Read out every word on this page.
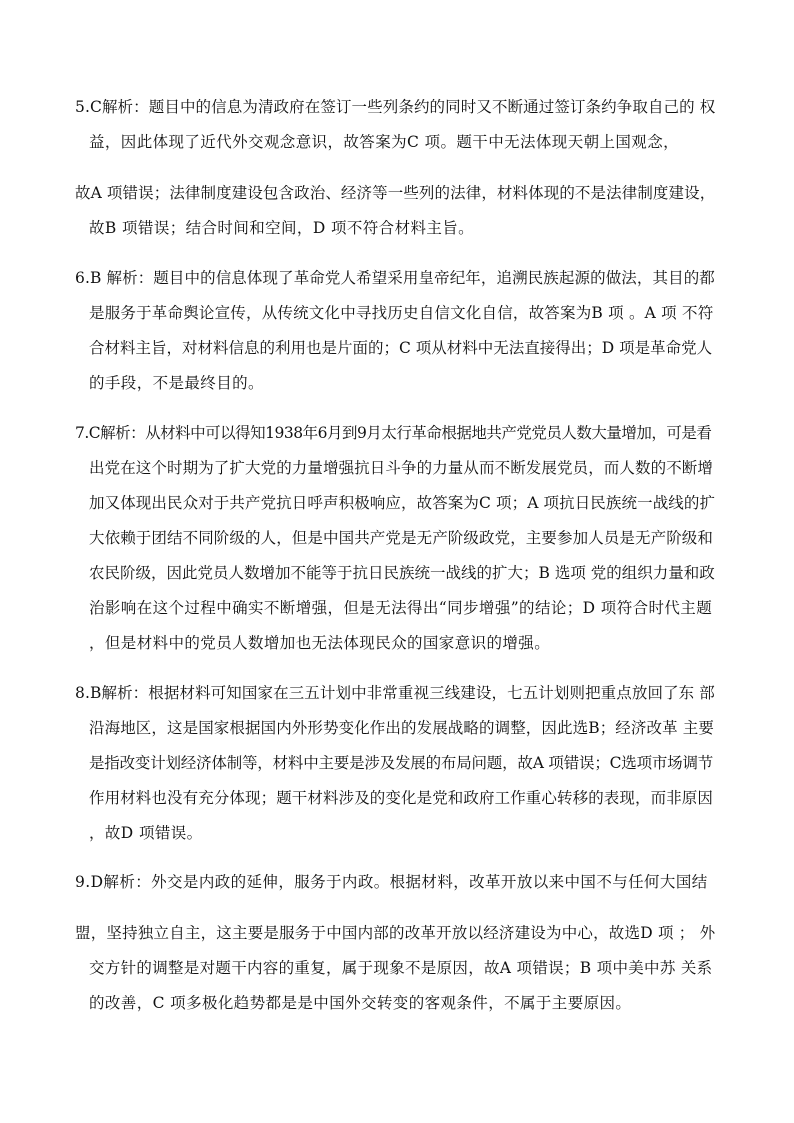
5.C解析：题目中的信息为清政府在签订一些列条约的同时又不断通过签订条约争取自己的 权
益，因此体现了近代外交观念意识，故答案为C 项。题干中无法体现天朝上国观念，
故A 项错误；法律制度建设包含政治、经济等一些列的法律，材料体现的不是法律制度建设，
故B 项错误；结合时间和空间，D 项不符合材料主旨。
6.B 解析：题目中的信息体现了革命党人希望采用皇帝纪年，追溯民族起源的做法，其目的都
是服务于革命舆论宣传，从传统文化中寻找历史自信文化自信，故答案为B 项 。A 项 不符
合材料主旨，对材料信息的利用也是片面的；C 项从材料中无法直接得出；D 项是革命党人
的手段，不是最终目的。
7.C解析：从材料中可以得知1938年6月到9月太行革命根据地共产党党员人数大量增加，可是看
出党在这个时期为了扩大党的力量增强抗日斗争的力量从而不断发展党员，而人数的不断增
加又体现出民众对于共产党抗日呼声积极响应，故答案为C 项；A 项抗日民族统一战线的扩
大依赖于团结不同阶级的人，但是中国共产党是无产阶级政党，主要参加人员是无产阶级和
农民阶级，因此党员人数增加不能等于抗日民族统一战线的扩大；B 选项 党的组织力量和政
治影响在这个过程中确实不断增强，但是无法得出“同步增强”的结论；D 项符合时代主题
，但是材料中的党员人数增加也无法体现民众的国家意识的增强。
8.B解析：根据材料可知国家在三五计划中非常重视三线建设，七五计划则把重点放回了东 部
沿海地区，这是国家根据国内外形势变化作出的发展战略的调整，因此选B；经济改革 主要
是指改变计划经济体制等，材料中主要是涉及发展的布局问题，故A 项错误；C选项市场调节
作用材料也没有充分体现；题干材料涉及的变化是党和政府工作重心转移的表现，而非原因
，故D 项错误。
9.D解析：外交是内政的延伸，服务于内政。根据材料，改革开放以来中国不与任何大国结
盟，坚持独立自主，这主要是服务于中国内部的改革开放以经济建设为中心，故选D 项 ； 外
交方针的调整是对题干内容的重复，属于现象不是原因，故A 项错误；B 项中美中苏 关系
的改善，C 项多极化趋势都是是中国外交转变的客观条件，不属于主要原因。
